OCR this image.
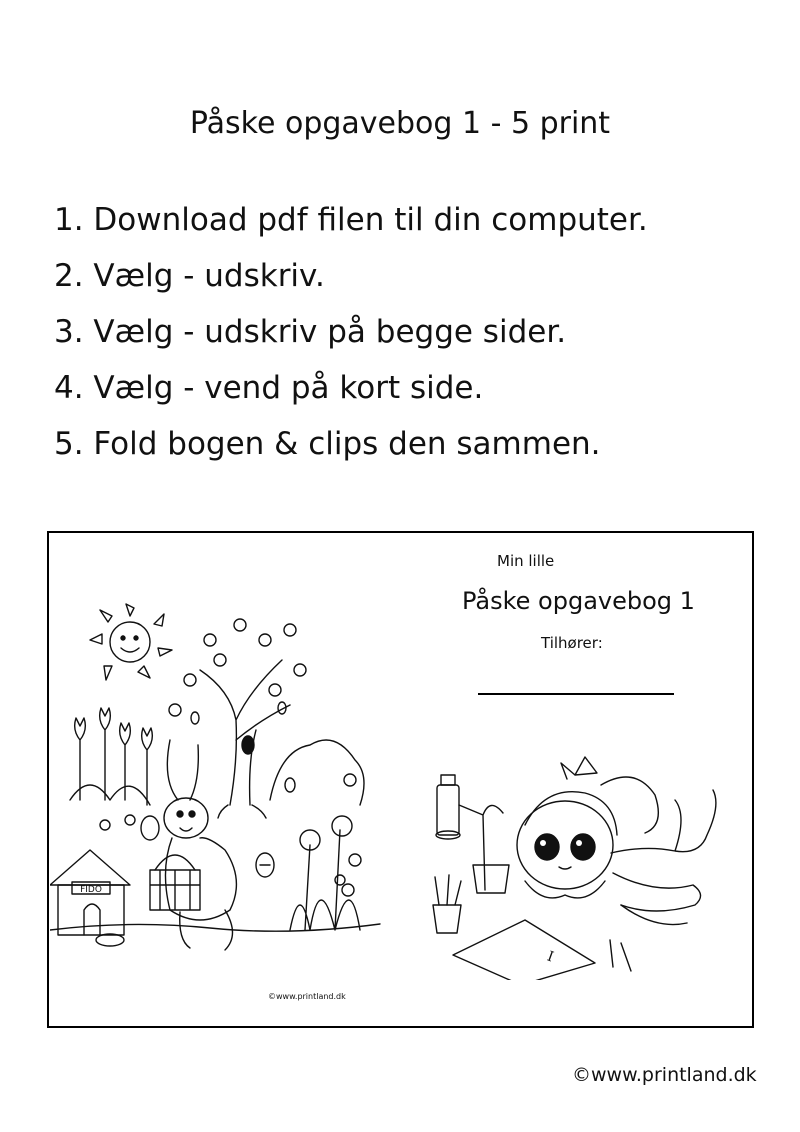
Påske opgavebog 1 - 5 print
1. Download pdf filen til din computer.
2. Vælg - udskriv.
3. Vælg - udskriv på begge sider.
4. Vælg - vend på kort side.
5. Fold bogen & clips den sammen.
FIDO
©www.printland.dk
Min lille
Påske opgavebog 1
Tilhører:
I
©www.printland.dk
